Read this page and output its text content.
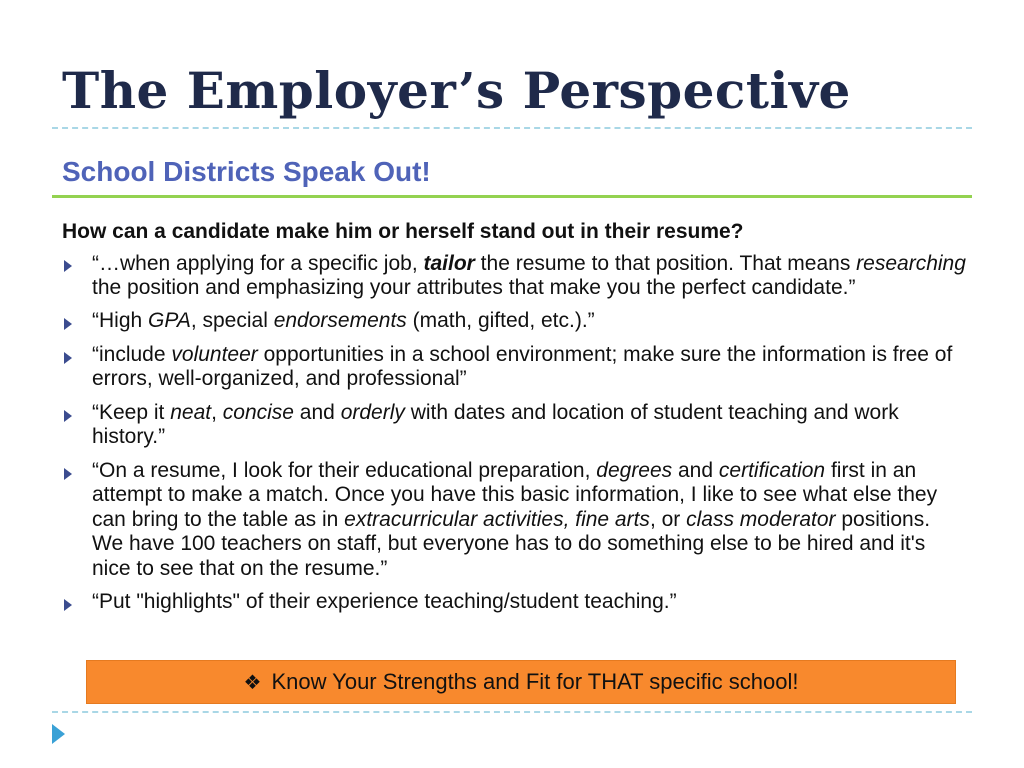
The Employer’s Perspective
School Districts Speak Out!
How can a candidate make him or herself stand out in their resume?
“…when applying for a specific job, tailor the resume to that position. That means researching the position and emphasizing your attributes that make you the perfect candidate.”
“High GPA, special endorsements (math, gifted, etc.).”
“include volunteer opportunities in a school environment; make sure the information is free of errors, well-organized, and professional”
“Keep it neat, concise and orderly with dates and location of student teaching and work history.”
“On a resume, I look for their educational preparation, degrees and certification first in an attempt to make a match. Once you have this basic information, I like to see what else they can bring to the table as in extracurricular activities, fine arts, or class moderator positions. We have 100 teachers on staff, but everyone has to do something else to be hired and it's nice to see that on the resume.”
“Put "highlights" of their experience teaching/student teaching.”
❖ Know Your Strengths and Fit for THAT specific school!
